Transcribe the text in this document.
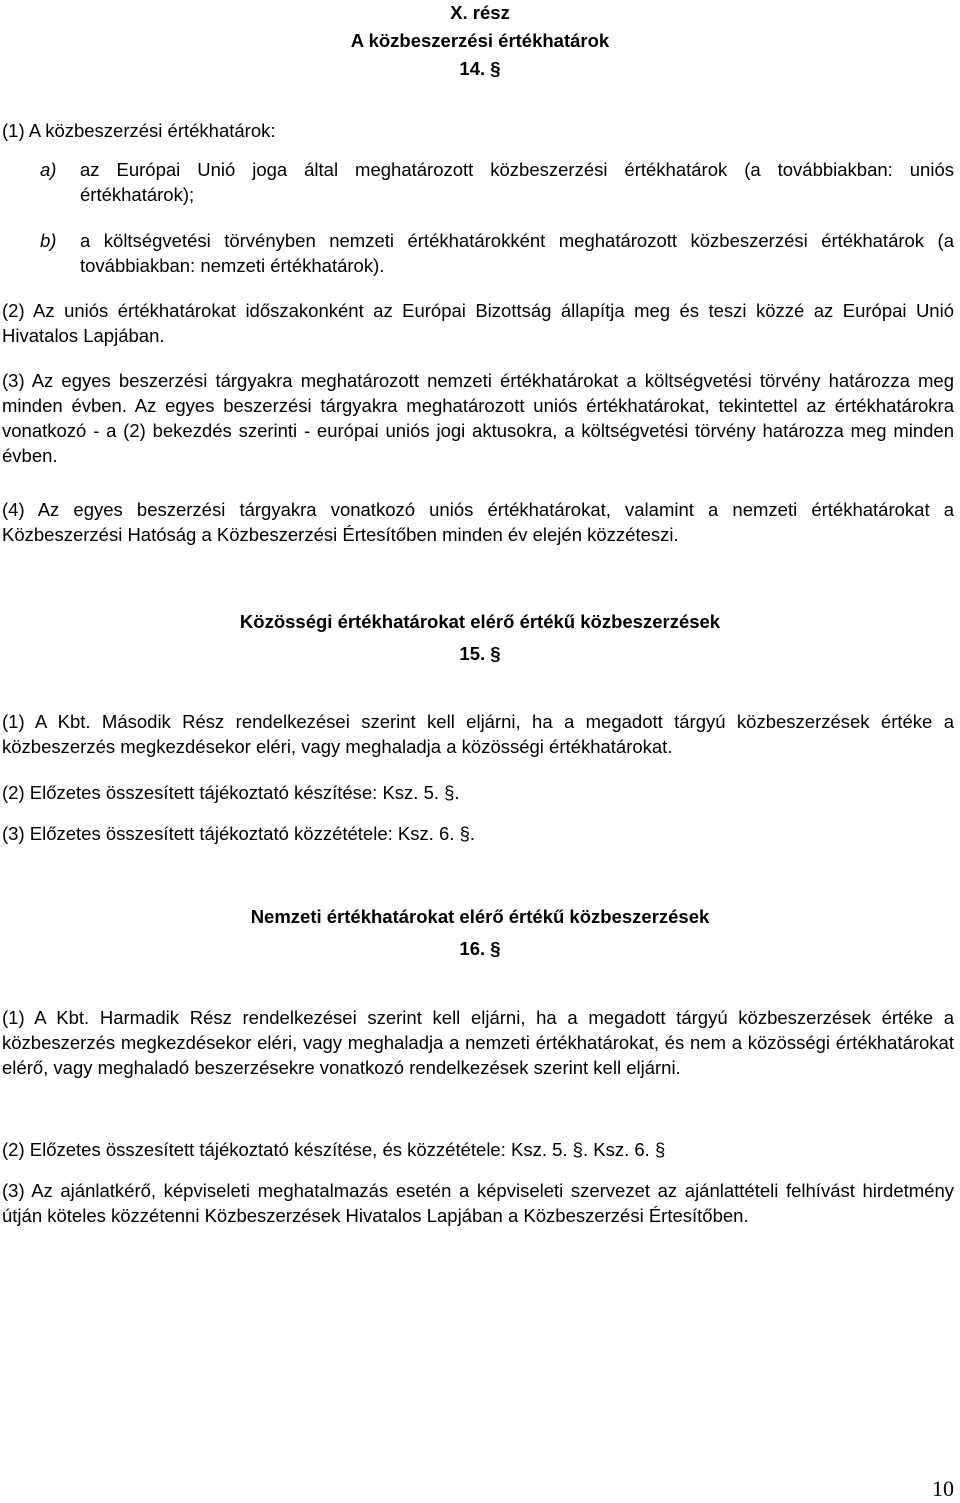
X. rész

A közbeszerzési értékhatárok

14. §

(1) A közbeszerzési értékhatárok:

a)	az Európai Unió joga által meghatározott közbeszerzési értékhatárok (a továbbiakban: uniós értékhatárok);
b)	a költségvetési törvényben nemzeti értékhatárokként meghatározott közbeszerzési értékhatárok (a továbbiakban: nemzeti értékhatárok).

(2) Az uniós értékhatárokat időszakonként az Európai Bizottság állapítja meg és teszi közzé az Európai Unió Hivatalos Lapjában.

(3) Az egyes beszerzési tárgyakra meghatározott nemzeti értékhatárokat a költségvetési törvény határozza meg minden évben. Az egyes beszerzési tárgyakra meghatározott uniós értékhatárokat, tekintettel az értékhatárokra vonatkozó - a (2) bekezdés szerinti - európai uniós jogi aktusokra, a költségvetési törvény határozza meg minden évben.

(4) Az egyes beszerzési tárgyakra vonatkozó uniós értékhatárokat, valamint a nemzeti értékhatárokat a Közbeszerzési Hatóság a Közbeszerzési Értesítőben minden év elején közzéteszi.

Közösségi értékhatárokat elérő értékű közbeszerzések

15. §

(1) A Kbt. Második Rész rendelkezései szerint kell eljárni, ha a megadott tárgyú közbeszerzések értéke a közbeszerzés megkezdésekor eléri, vagy meghaladja a közösségi értékhatárokat.

(2) Előzetes összesített tájékoztató készítése: Ksz. 5. §.

(3) Előzetes összesített tájékoztató közzététele: Ksz. 6. §.

Nemzeti értékhatárokat elérő értékű közbeszerzések

16. §

(1) A Kbt. Harmadik Rész rendelkezései szerint kell eljárni, ha a megadott tárgyú közbeszerzések értéke a közbeszerzés megkezdésekor eléri, vagy meghaladja a nemzeti értékhatárokat, és nem a közösségi értékhatárokat elérő, vagy meghaladó beszerzésekre vonatkozó rendelkezések szerint kell eljárni.

(2) Előzetes összesített tájékoztató készítése, és közzététele: Ksz. 5. §. Ksz. 6. §

(3) Az ajánlatkérő, képviseleti meghatalmazás esetén a képviseleti szervezet az ajánlattételi felhívást hirdetmény útján köteles közzétenni Közbeszerzések Hivatalos Lapjában a Közbeszerzési Értesítőben.

10
